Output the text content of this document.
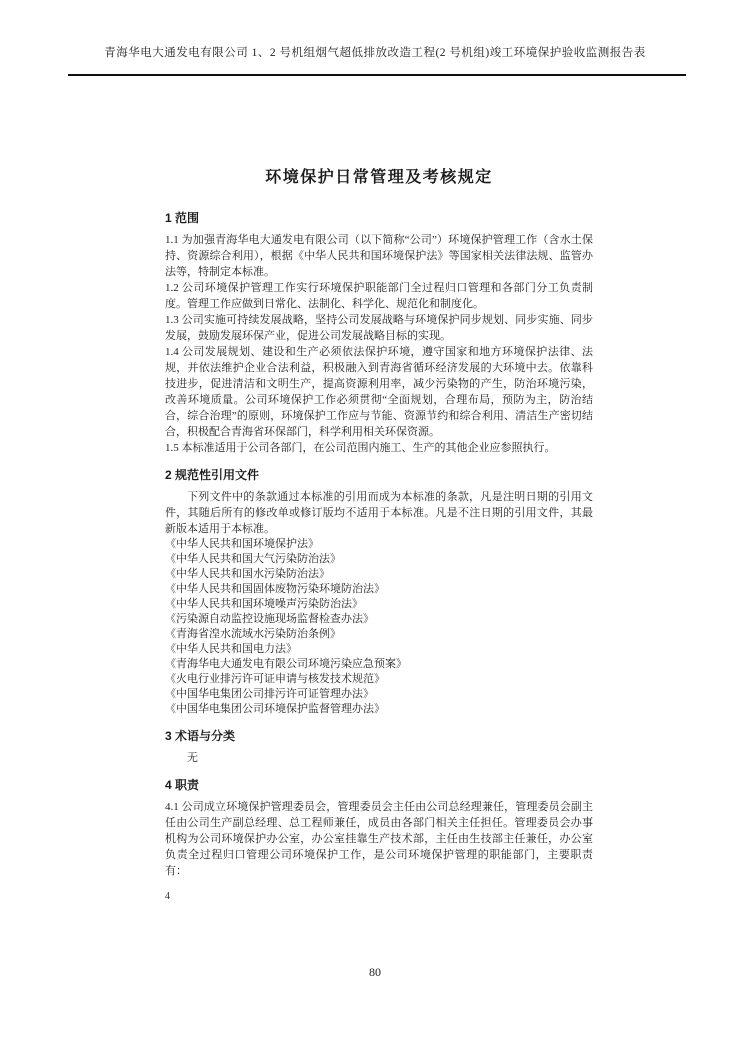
青海华电大通发电有限公司 1、2 号机组烟气超低排放改造工程(2 号机组)竣工环境保护验收监测报告表
环境保护日常管理及考核规定
1 范围

1.1 为加强青海华电大通发电有限公司（以下简称“公司”）环境保护管理工作（含水土保持、资源综合利用），根据《中华人民共和国环境保护法》等国家相关法律法规、监管办法等，特制定本标准。

1.2 公司环境保护管理工作实行环境保护职能部门全过程归口管理和各部门分工负责制度。管理工作应做到日常化、法制化、科学化、规范化和制度化。

1.3 公司实施可持续发展战略，坚持公司发展战略与环境保护同步规划、同步实施、同步发展，鼓励发展环保产业，促进公司发展战略目标的实现。

1.4 公司发展规划、建设和生产必须依法保护环境，遵守国家和地方环境保护法律、法规，并依法维护企业合法利益，积极融入到青海省循环经济发展的大环境中去。依靠科技进步，促进清洁和文明生产，提高资源利用率，减少污染物的产生，防治环境污染，改善环境质量。公司环境保护工作必须贯彻“全面规划，合理布局，预防为主，防治结合，综合治理”的原则，环境保护工作应与节能、资源节约和综合利用、清洁生产密切结合，积极配合青海省环保部门，科学利用相关环保资源。

1.5 本标准适用于公司各部门，在公司范围内施工、生产的其他企业应参照执行。

2 规范性引用文件

下列文件中的条款通过本标准的引用而成为本标准的条款，凡是注明日期的引用文件，其随后所有的修改单或修订版均不适用于本标准。凡是不注日期的引用文件，其最新版本适用于本标准。

《中华人民共和国环境保护法》
《中华人民共和国大气污染防治法》
《中华人民共和国水污染防治法》
《中华人民共和国固体废物污染环境防治法》
《中华人民共和国环境噪声污染防治法》
《污染源自动监控设施现场监督检查办法》
《青海省湟水流域水污染防治条例》
《中华人民共和国电力法》
《青海华电大通发电有限公司环境污染应急预案》
《火电行业排污许可证申请与核发技术规范》
《中国华电集团公司排污许可证管理办法》
《中国华电集团公司环境保护监督管理办法》
3 术语与分类

无

4 职责

4.1 公司成立环境保护管理委员会，管理委员会主任由公司总经理兼任，管理委员会副主任由公司生产副总经理、总工程师兼任，成员由各部门相关主任担任。管理委员会办事机构为公司环境保护办公室，办公室挂靠生产技术部，主任由生技部主任兼任，办公室负责全过程归口管理公司环境保护工作，是公司环境保护管理的职能部门，主要职责有：

4
80
